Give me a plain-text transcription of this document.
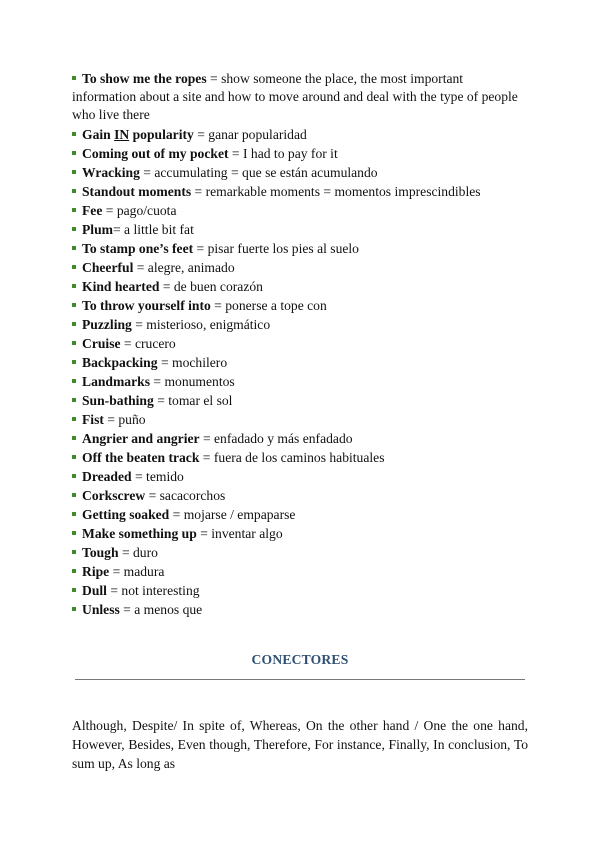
To show me the ropes = show someone the place, the most important information about a site and how to move around and deal with the type of people who live there

Gain IN popularity = ganar popularidad

Coming out of my pocket = I had to pay for it

Wracking = accumulating = que se están acumulando

Standout moments = remarkable moments = momentos imprescindibles

Fee = pago/cuota

Plum= a little bit fat

To stamp one’s feet = pisar fuerte los pies al suelo

Cheerful = alegre, animado

Kind hearted = de buen corazón

To throw yourself into = ponerse a tope con

Puzzling = misterioso, enigmático

Cruise = crucero

Backpacking = mochilero

Landmarks = monumentos

Sun-bathing = tomar el sol

Fist = puño

Angrier and angrier = enfadado y más enfadado

Off the beaten track = fuera de los caminos habituales

Dreaded = temido

Corkscrew = sacacorchos

Getting soaked = mojarse / empaparse

Make something up = inventar algo

Tough = duro

Ripe = madura

Dull = not interesting

Unless = a menos que

CONECTORES

Although, Despite/ In spite of, Whereas, On the other hand / One the one hand, However, Besides, Even though, Therefore, For instance, Finally, In conclusion, To sum up, As long as
